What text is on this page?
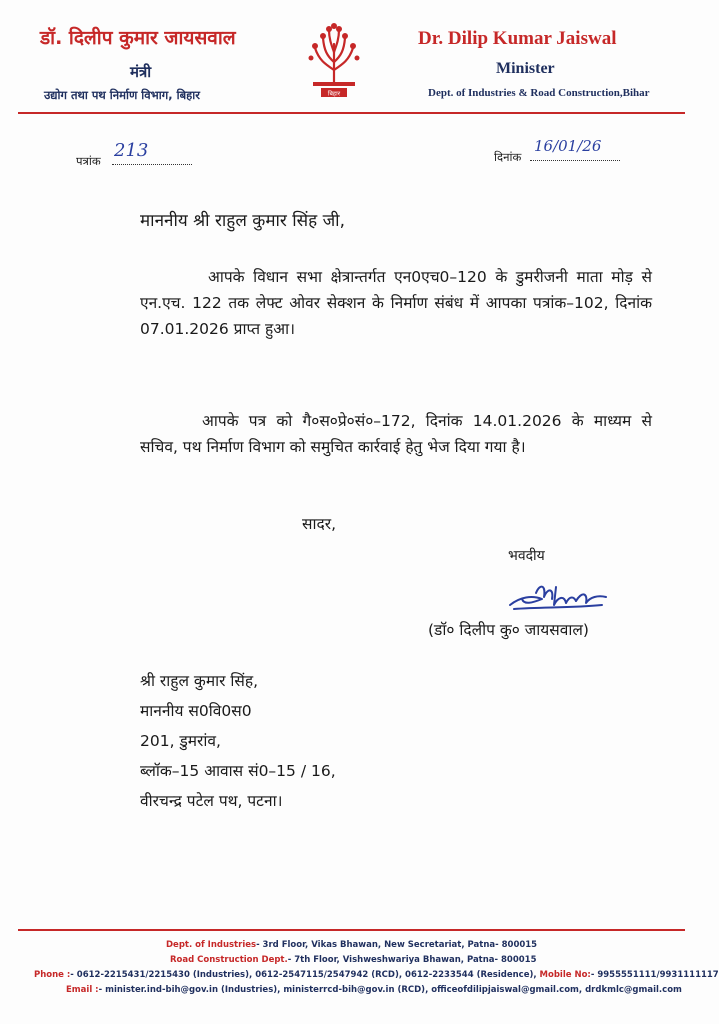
डॉ. दिलीप कुमार जायसवाल
मंत्री
उद्योग तथा पथ निर्माण विभाग, बिहार	बिहार
Dr. Dilip Kumar Jaiswal
Minister
Dept. of Industries & Road Construction,Bihar
पत्रांक 213	दिनांक
16/01/26
माननीय श्री राहुल कुमार सिंह जी,
आपके विधान सभा क्षेत्रान्तर्गत एन0एच0–120 के डुमरीजनी माता मोड़ से एन.एच. 122 तक लेफ्ट ओवर सेक्शन के निर्माण संबंध में आपका पत्रांक–102, दिनांक 07.01.2026 प्राप्त हुआ।
आपके पत्र को गै०स०प्रे०सं०–172, दिनांक 14.01.2026 के माध्यम से सचिव, पथ निर्माण विभाग को समुचित कार्रवाई हेतु भेज दिया गया है।
सादर,
भवदीय
(डॉ० दिलीप कु० जायसवाल)
श्री राहुल कुमार सिंह,
माननीय स0वि0स0
201, डुमरांव,
ब्लॉक–15 आवास सं0–15 / 16,
वीरचन्द्र पटेल पथ, पटना।
Dept. of Industries- 3rd Floor, Vikas Bhawan, New Secretariat, Patna- 800015
Road Construction Dept.- 7th Floor, Vishweshwariya Bhawan, Patna- 800015
Phone :- 0612-2215431/2215430 (Industries), 0612-2547115/2547942 (RCD), 0612-2233544 (Residence), Mobile No:- 9955551111/9931111117
Email :- minister.ind-bih@gov.in (Industries), ministerrcd-bih@gov.in (RCD), officeofdilipjaiswal@gmail.com, drdkmlc@gmail.com
